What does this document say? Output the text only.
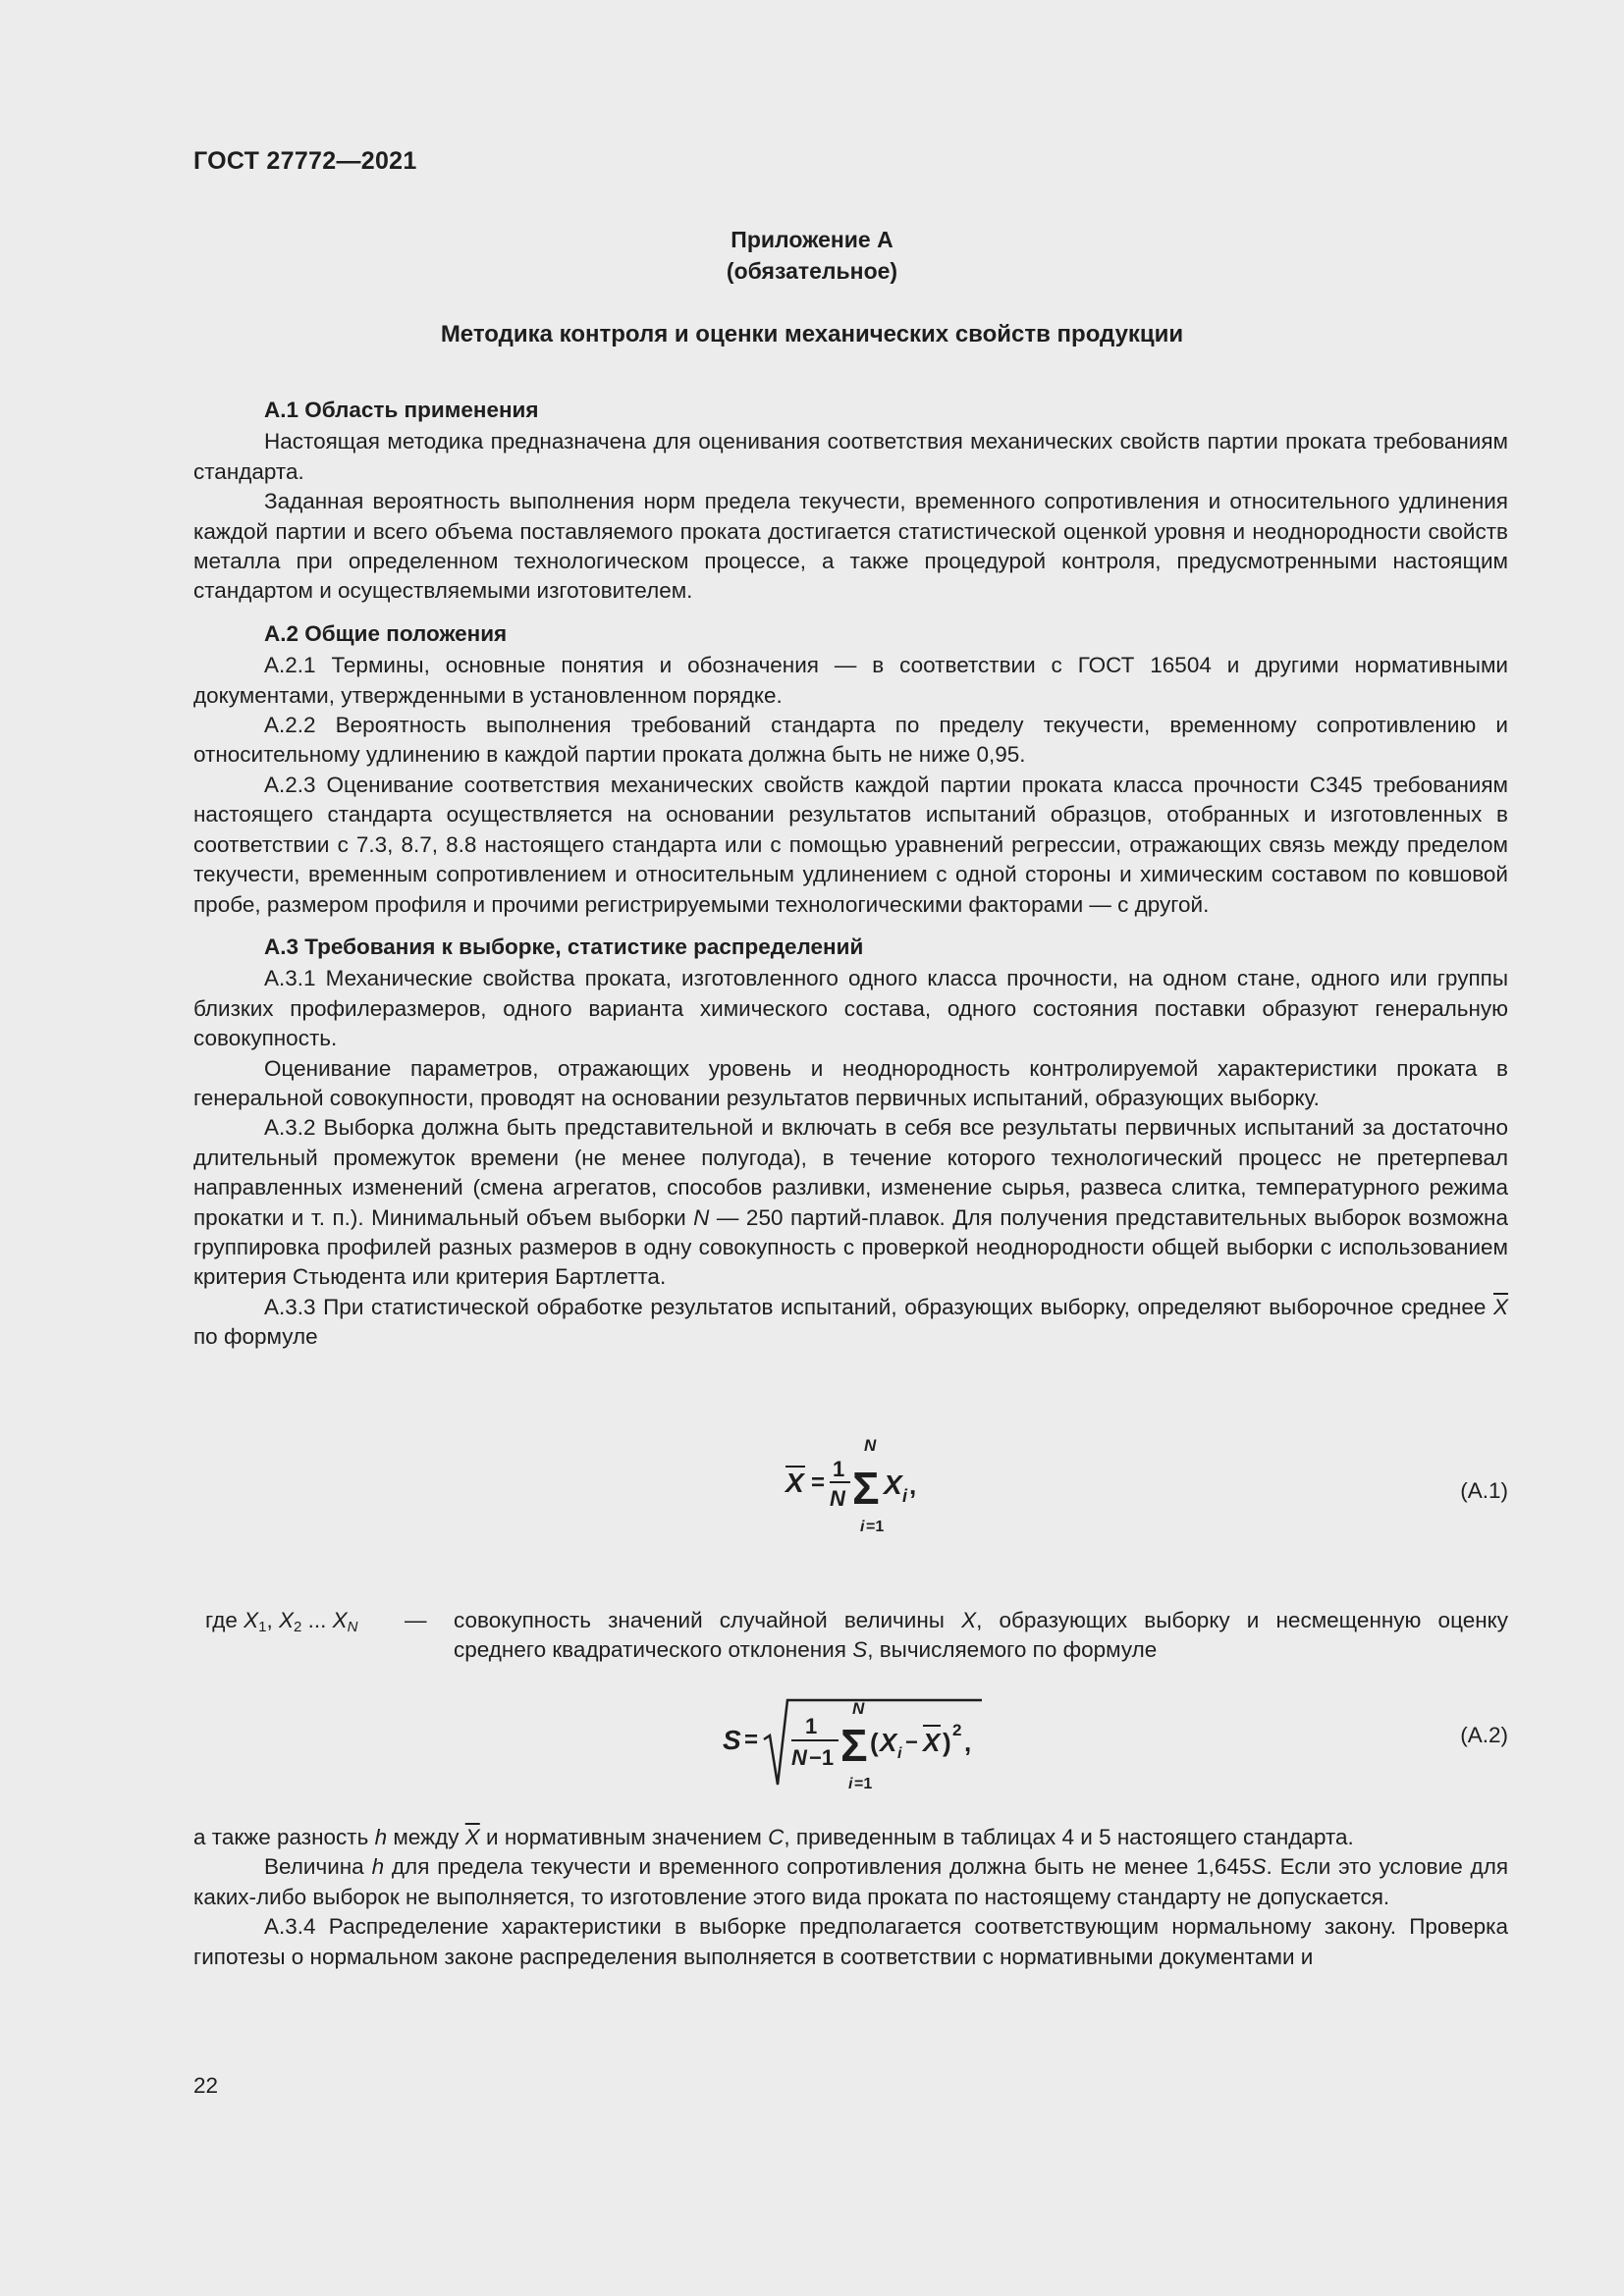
ГОСТ 27772—2021
Приложение А
(обязательное)
Методика контроля и оценки механических свойств продукции

А.1 Область применения

Настоящая методика предназначена для оценивания соответствия механических свойств партии проката требованиям стандарта.

Заданная вероятность выполнения норм предела текучести, временного сопротивления и относительного удлинения каждой партии и всего объема поставляемого проката достигается статистической оценкой уровня и неоднородности свойств металла при определенном технологическом процессе, а также процедурой контроля, предусмотренными настоящим стандартом и осуществляемыми изготовителем.

А.2 Общие положения

А.2.1 Термины, основные понятия и обозначения — в соответствии с ГОСТ 16504 и другими нормативными документами, утвержденными в установленном порядке.

А.2.2 Вероятность выполнения требований стандарта по пределу текучести, временному сопротивлению и относительному удлинению в каждой партии проката должна быть не ниже 0,95.

А.2.3 Оценивание соответствия механических свойств каждой партии проката класса прочности С345 требованиям настоящего стандарта осуществляется на основании результатов испытаний образцов, отобранных и изготовленных в соответствии с 7.3, 8.7, 8.8 настоящего стандарта или с помощью уравнений регрессии, отражающих связь между пределом текучести, временным сопротивлением и относительным удлинением с одной стороны и химическим составом по ковшовой пробе, размером профиля и прочими регистрируемыми технологическими факторами — с другой.

А.3 Требования к выборке, статистике распределений

А.3.1 Механические свойства проката, изготовленного одного класса прочности, на одном стане, одного или группы близких профилеразмеров, одного варианта химического состава, одного состояния поставки образуют генеральную совокупность.

Оценивание параметров, отражающих уровень и неоднородность контролируемой характеристики проката в генеральной совокупности, проводят на основании результатов первичных испытаний, образующих выборку.

А.3.2 Выборка должна быть представительной и включать в себя все результаты первичных испытаний за достаточно длительный промежуток времени (не менее полугода), в течение которого технологический процесс не претерпевал направленных изменений (смена агрегатов, способов разливки, изменение сырья, развеса слитка, температурного режима прокатки и т. п.). Минимальный объем выборки N — 250 партий-плавок. Для получения представительных выборок возможна группировка профилей разных размеров в одну совокупность с проверкой неоднородности общей выборки с использованием критерия Стьюдента или критерия Бартлетта.

А.3.3 При статистической обработке результатов испытаний, образующих выборку, определяют выборочное среднее $\overline{X}$ по формуле

X =
1
N Σ
N
i =1
X i ,	(А.1)
где $X_1$, $X_2$ ... $X_N$ — совокупность значений случайной величины X, образующих выборку и несмещенную оценку среднего квадратического отклонения S, вычисляемого по формуле
S =
1
N −1 Σ
N
i =1
( X i − X ) 2 ,	(А.2)

а также разность h между $\overline{X}$ и нормативным значением C, приведенным в таблицах 4 и 5 настоящего стандарта.

Величина h для предела текучести и временного сопротивления должна быть не менее 1,645S. Если это условие для каких-либо выборок не выполняется, то изготовление этого вида проката по настоящему стандарту не допускается.

А.3.4 Распределение характеристики в выборке предполагается соответствующим нормальному закону. Проверка гипотезы о нормальном законе распределения выполняется в соответствии с нормативными документами и

22
